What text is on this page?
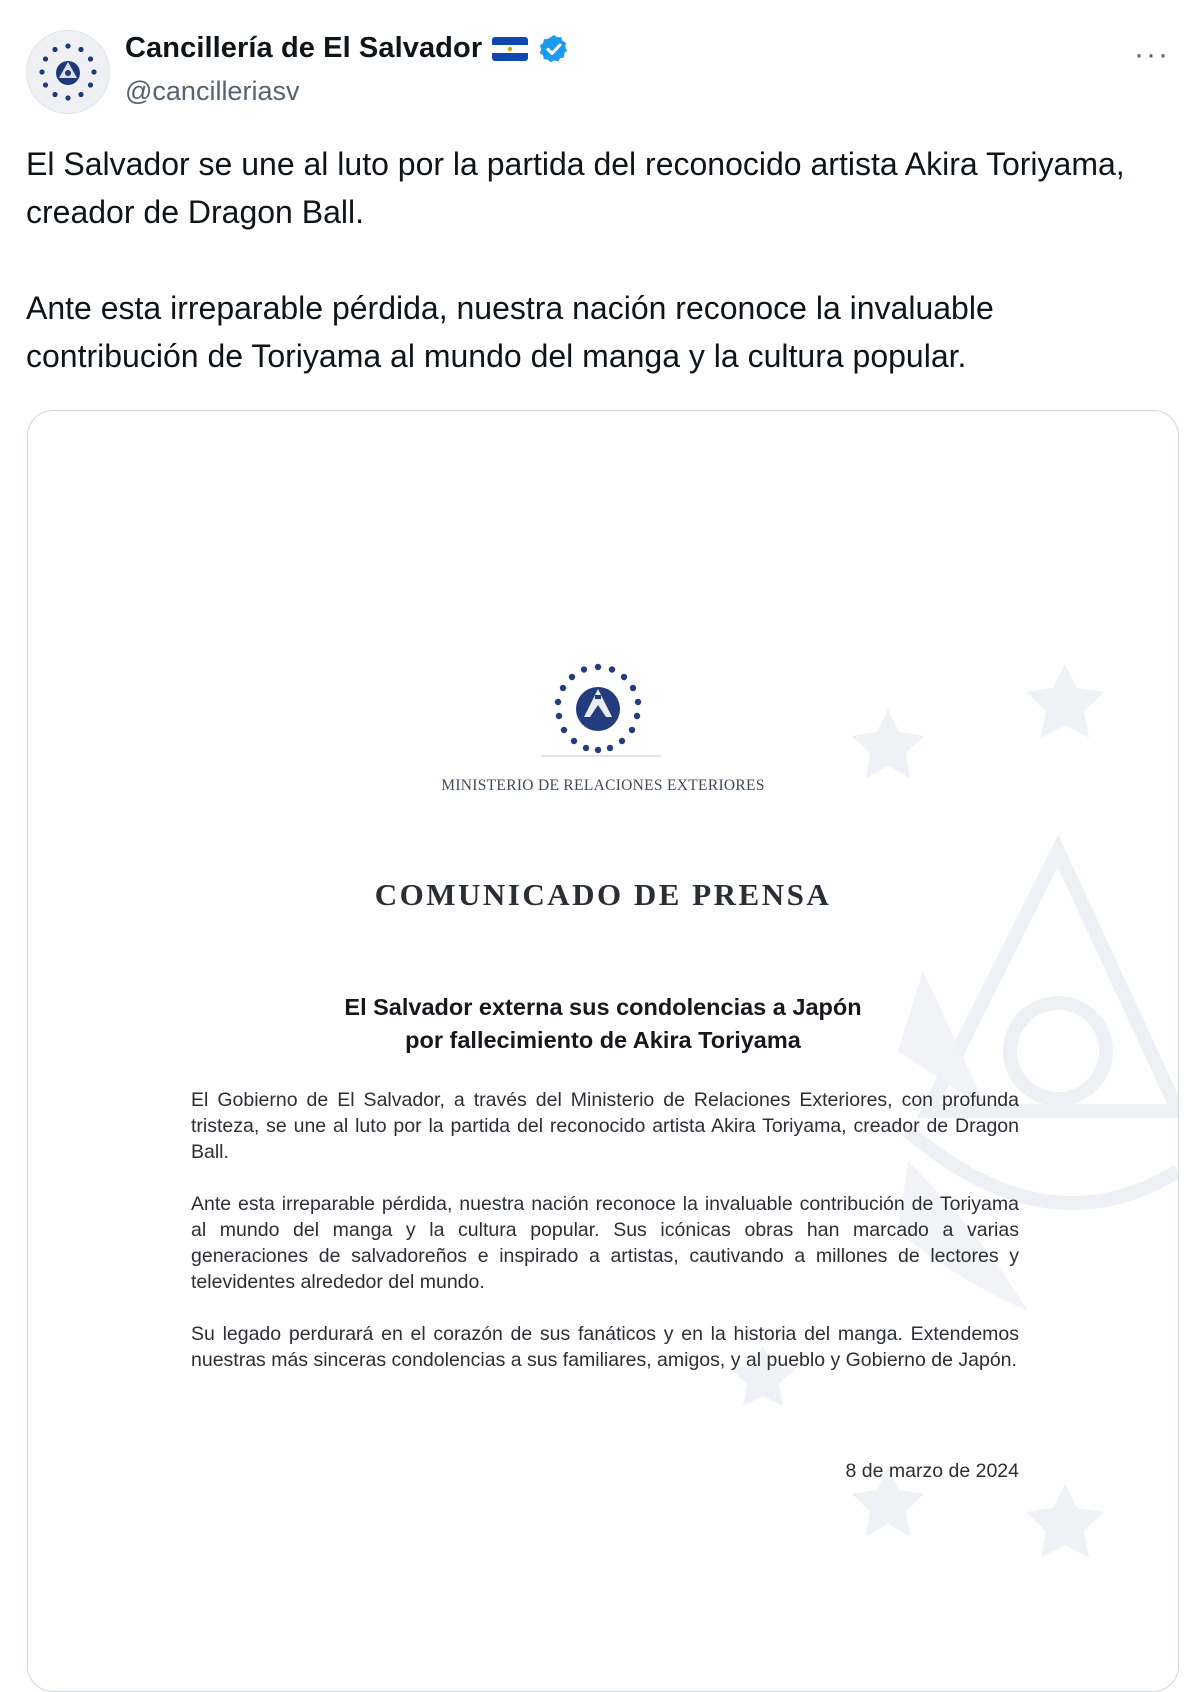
Cancillería de El Salvador
@cancilleriasv
···

El Salvador se une al luto por la partida del reconocido artista Akira Toriyama, creador de Dragon Ball.

Ante esta irreparable pérdida, nuestra nación reconoce la invaluable contribución de Toriyama al mundo del manga y la cultura popular.

MINISTERIO DE RELACIONES EXTERIORES
COMUNICADO DE PRENSA
El Salvador externa sus condolencias a Japón
por fallecimiento de Akira Toriyama

El Gobierno de El Salvador, a través del Ministerio de Relaciones Exteriores, con profunda tristeza, se une al luto por la partida del reconocido artista Akira Toriyama, creador de Dragon Ball.

Ante esta irreparable pérdida, nuestra nación reconoce la invaluable contribución de Toriyama al mundo del manga y la cultura popular. Sus icónicas obras han marcado a varias generaciones de salvadoreños e inspirado a artistas, cautivando a millones de lectores y televidentes alrededor del mundo.

Su legado perdurará en el corazón de sus fanáticos y en la historia del manga. Extendemos nuestras más sinceras condolencias a sus familiares, amigos, y al pueblo y Gobierno de Japón.

8 de marzo de 2024
